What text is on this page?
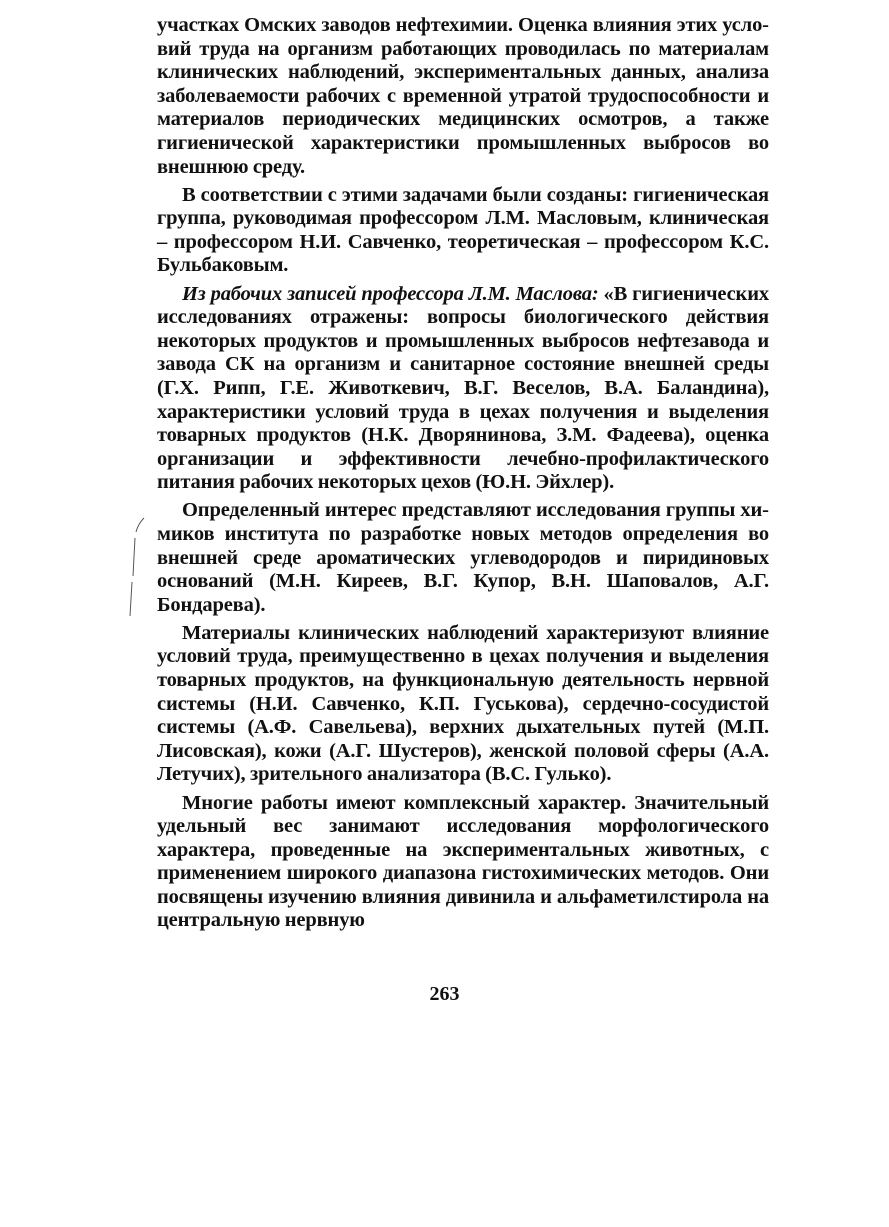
участках Омских заводов нефтехимии. Оценка влияния этих условий труда на организм работающих проводилась по материалам клинических наблюдений, экспериментальных данных, анализа заболеваемости рабочих с временной утратой трудоспособности и материалов периодических медицинских осмотров, а также гигиенической характеристики промышленных выбросов во внешнюю среду.

В соответствии с этими задачами были созданы: гигиеническая группа, руководимая профессором Л.М. Масловым, клиническая – профессором Н.И. Савченко, теоретическая – профессором К.С. Бульбаковым.

Из рабочих записей профессора Л.М. Маслова: «В гигиенических исследованиях отражены: вопросы биологического действия некоторых продуктов и промышленных выбросов нефтезавода и завода СК на организм и санитарное состояние внешней среды (Г.Х. Рипп, Г.Е. Животкевич, В.Г. Веселов, В.А. Баландина), характеристики условий труда в цехах получения и выделения товарных продуктов (Н.К. Дворянинова, З.М. Фадеева), оценка организации и эффективности лечебно-профилактического питания рабочих некоторых цехов (Ю.Н. Эйхлер).

Определенный интерес представляют исследования группы химиков института по разработке новых методов определения во внешней среде ароматических углеводородов и пиридиновых оснований (М.Н. Киреев, В.Г. Купор, В.Н. Шаповалов, А.Г. Бондарева).

Материалы клинических наблюдений характеризуют влияние условий труда, преимущественно в цехах получения и выделения товарных продуктов, на функциональную деятельность нервной системы (Н.И. Савченко, К.П. Гуськова), сердечно-сосудистой системы (А.Ф. Савельева), верхних дыхательных путей (М.П. Лисовская), кожи (А.Г. Шустеров), женской половой сферы (А.А. Летучих), зрительного анализатора (В.С. Гулько).

Многие работы имеют комплексный характер. Значительный удельный вес занимают исследования морфологического характера, проведенные на экспериментальных животных, с применением широкого диапазона гистохимических методов. Они посвящены изучению влияния дивинила и альфаметилстирола на центральную нервную

263
